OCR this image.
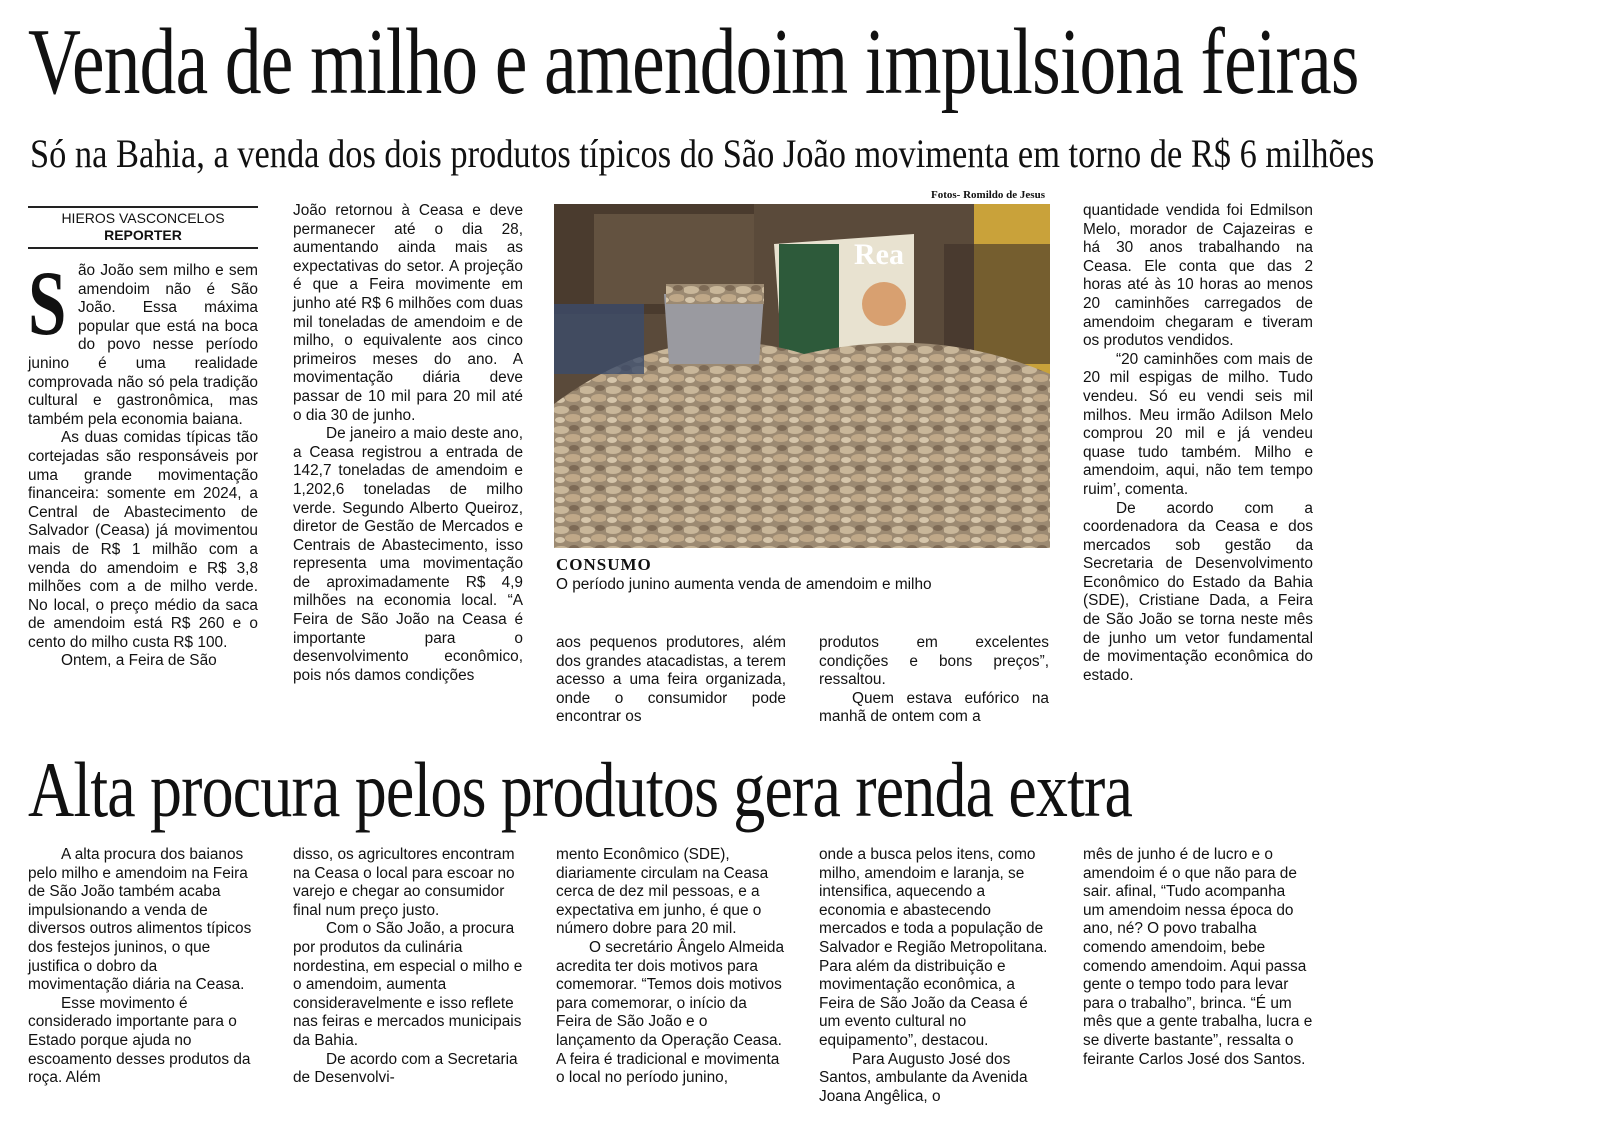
Venda de milho e amendoim impulsiona feiras
Só na Bahia, a venda dos dois produtos típicos do São João movimenta em torno de R$ 6 milhões
HIEROS VASCONCELOS
REPORTER
S ão João sem milho e sem amendoim não é São João. Essa máxima popular que está na boca do povo nesse período junino é uma realidade comprovada não só pela tradição cultural e gastronômica, mas também pela economia baiana.

As duas comidas típicas tão cortejadas são responsáveis por uma grande movimentação financeira: somente em 2024, a Central de Abastecimento de Salvador (Ceasa) já movimentou mais de R$ 1 milhão com a venda do amendoim e R$ 3,8 milhões com a de milho verde. No local, o preço médio da saca de amendoim está R$ 260 e o cento do milho custa R$ 100.

Ontem, a Feira de São

João retornou à Ceasa e deve permanecer até o dia 28, aumentando ainda mais as expectativas do setor. A projeção é que a Feira movimente em junho até R$ 6 milhões com duas mil toneladas de amendoim e de milho, o equivalente aos cinco primeiros meses do ano. A movimentação diária deve passar de 10 mil para 20 mil até o dia 30 de junho.

De janeiro a maio deste ano, a Ceasa registrou a entrada de 142,7 toneladas de amendoim e 1,202,6 toneladas de milho verde. Segundo Alberto Queiroz, diretor de Gestão de Mercados e Centrais de Abastecimento, isso representa uma movimentação de aproximadamente R$ 4,9 milhões na economia local. “A Feira de São João na Ceasa é importante para o desenvolvimento econômico, pois nós damos condições

Fotos- Romildo de Jesus
Rea
CONSUMO
O período junino aumenta venda de amendoim e milho

aos pequenos produtores, além dos grandes atacadistas, a terem acesso a uma feira organizada, onde o consumidor pode encontrar os

produtos em excelentes condições e bons preços”, ressaltou.

Quem estava eufórico na manhã de ontem com a

quantidade vendida foi Edmilson Melo, morador de Cajazeiras e há 30 anos trabalhando na Ceasa. Ele conta que das 2 horas até às 10 horas ao menos 20 caminhões carregados de amendoim chegaram e tiveram os produtos vendidos.

“20 caminhões com mais de 20 mil espigas de milho. Tudo vendeu. Só eu vendi seis mil milhos. Meu irmão Adilson Melo comprou 20 mil e já vendeu quase tudo também. Milho e amendoim, aqui, não tem tempo ruim’, comenta.

De acordo com a coordenadora da Ceasa e dos mercados sob gestão da Secretaria de Desenvolvimento Econômico do Estado da Bahia (SDE), Cristiane Dada, a Feira de São João se torna neste mês de junho um vetor fundamental de movimentação econômica do estado.

Alta procura pelos produtos gera renda extra

A alta procura dos baianos pelo milho e amendoim na Feira de São João também acaba impulsionando a venda de diversos outros alimentos típicos dos festejos juninos, o que justifica o dobro da movimentação diária na Ceasa.

Esse movimento é considerado importante para o Estado porque ajuda no escoamento desses produtos da roça. Além

disso, os agricultores encontram na Ceasa o local para escoar no varejo e chegar ao consumidor final num preço justo.

Com o São João, a procura por produtos da culinária nordestina, em especial o milho e o amendoim, aumenta consideravelmente e isso reflete nas feiras e mercados municipais da Bahia.

De acordo com a Secretaria de Desenvolvi-

mento Econômico (SDE), diariamente circulam na Ceasa cerca de dez mil pessoas, e a expectativa em junho, é que o número dobre para 20 mil.

O secretário Ângelo Almeida acredita ter dois motivos para comemorar. “Temos dois motivos para comemorar, o início da Feira de São João e o lançamento da Operação Ceasa. A feira é tradicional e movimenta o local no período junino,

onde a busca pelos itens, como milho, amendoim e laranja, se intensifica, aquecendo a economia e abastecendo mercados e toda a população de Salvador e Região Metropolitana. Para além da distribuição e movimentação econômica, a Feira de São João da Ceasa é um evento cultural no equipamento”, destacou.

Para Augusto José dos Santos, ambulante da Avenida Joana Angêlica, o

mês de junho é de lucro e o amendoim é o que não para de sair. afinal, “Tudo acompanha

um amendoim nessa época do ano, né? O povo trabalha comendo amendoim, bebe comendo amendoim. Aqui passa gente o tempo todo para levar para o trabalho”, brinca. “É um mês que a gente trabalha, lucra e se diverte bastante”, ressalta o feirante Carlos José dos Santos.
